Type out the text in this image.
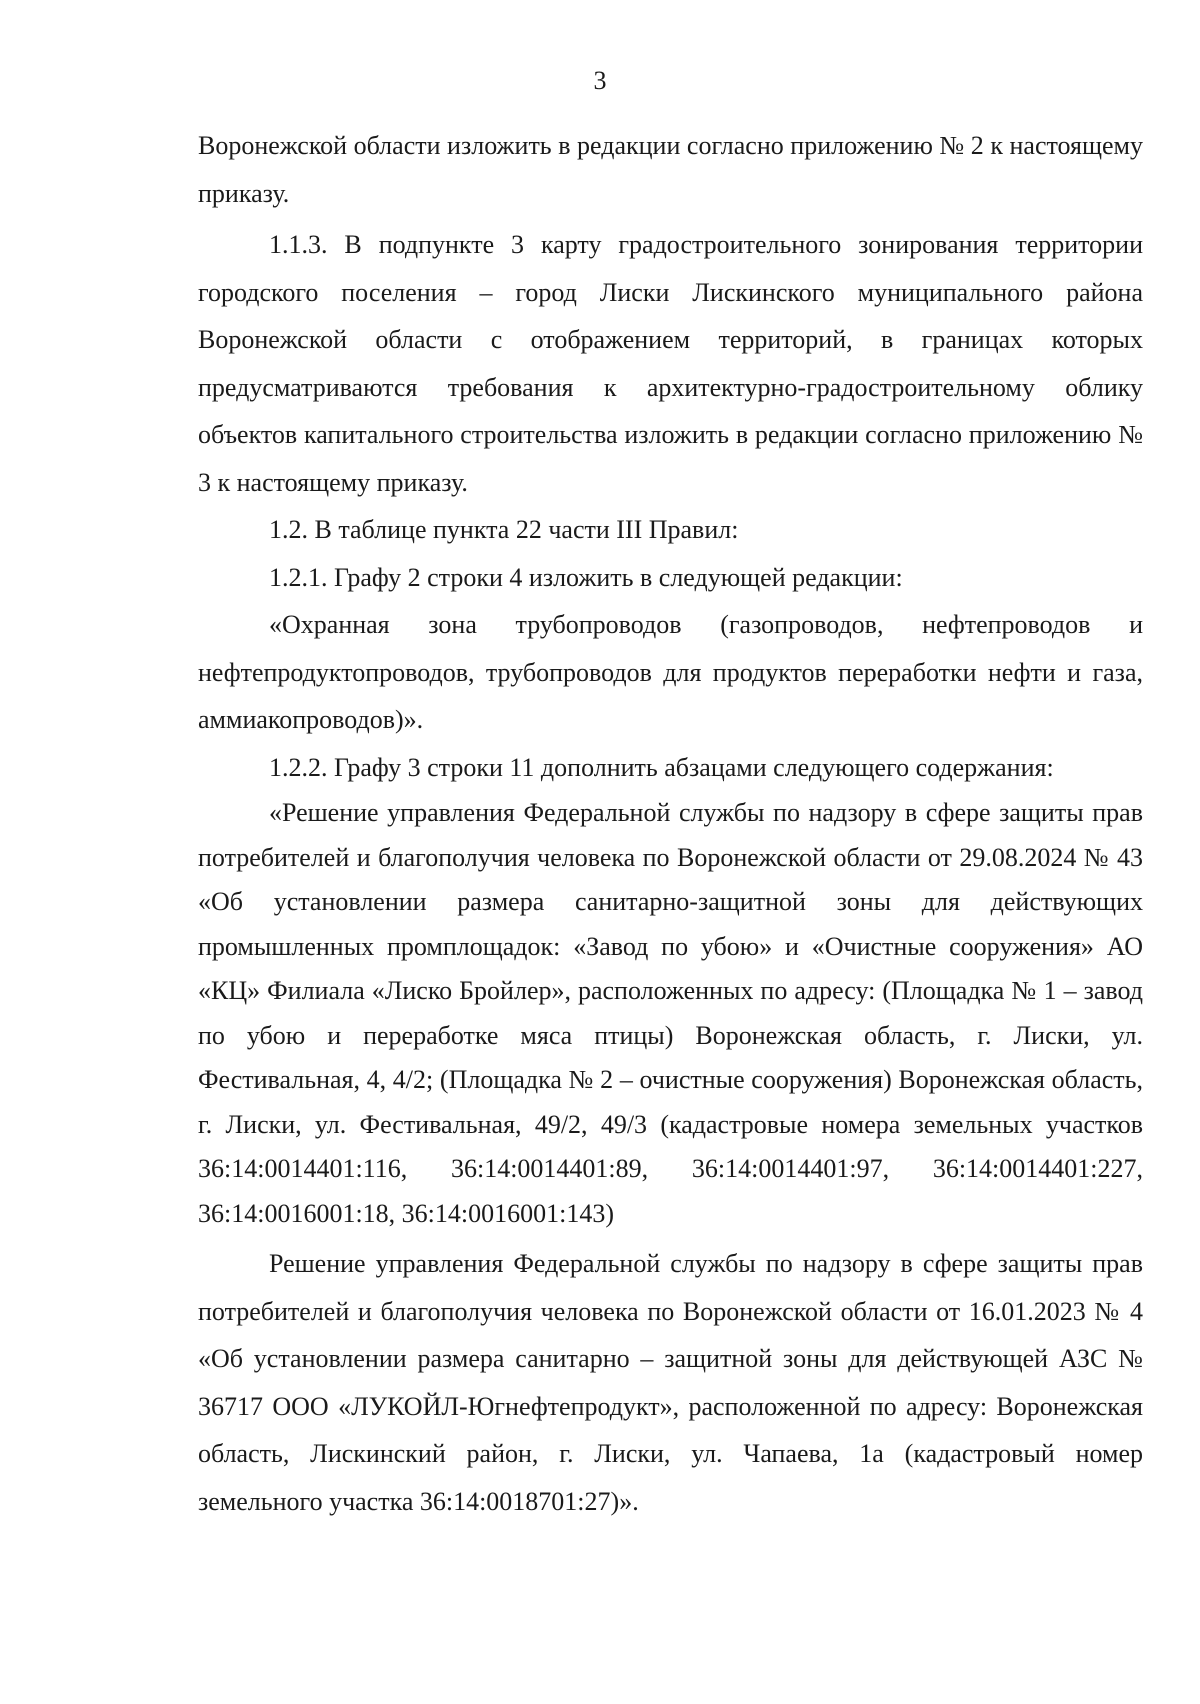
3

Воронежской области изложить в редакции согласно приложению № 2 к настоящему приказу.

1.1.3. В подпункте 3 карту градостроительного зонирования территории городского поселения – город Лиски Лискинского муниципального района Воронежской области с отображением территорий, в границах которых предусматриваются требования к архитектурно-градостроительному облику объектов капитального строительства изложить в редакции согласно приложению № 3 к настоящему приказу.

1.2. В таблице пункта 22 части III Правил:

1.2.1. Графу 2 строки 4 изложить в следующей редакции:

«Охранная зона трубопроводов (газопроводов, нефтепроводов и нефтепродуктопроводов, трубопроводов для продуктов переработки нефти и газа, аммиакопроводов)».

1.2.2. Графу 3 строки 11 дополнить абзацами следующего содержания:

«Решение управления Федеральной службы по надзору в сфере защиты прав потребителей и благополучия человека по Воронежской области от 29.08.2024 № 43 «Об установлении размера санитарно-защитной зоны для действующих промышленных промплощадок: «Завод по убою» и «Очистные сооружения» АО «КЦ» Филиала «Лиско Бройлер», расположенных по адресу: (Площадка № 1 – завод по убою и переработке мяса птицы) Воронежская область, г. Лиски, ул. Фестивальная, 4, 4/2; (Площадка № 2 – очистные сооружения) Воронежская область, г. Лиски, ул. Фестивальная, 49/2, 49/3 (кадастровые номера земельных участков 36:14:0014401:116, 36:14:0014401:89, 36:14:0014401:97, 36:14:0014401:227, 36:14:0016001:18, 36:14:0016001:143)

Решение управления Федеральной службы по надзору в сфере защиты прав потребителей и благополучия человека по Воронежской области от 16.01.2023 № 4 «Об установлении размера санитарно – защитной зоны для действующей АЗС № 36717 ООО «ЛУКОЙЛ-Югнефтепродукт», расположенной по адресу: Воронежская область, Лискинский район, г. Лиски, ул. Чапаева, 1а (кадастровый номер земельного участка 36:14:0018701:27)».
